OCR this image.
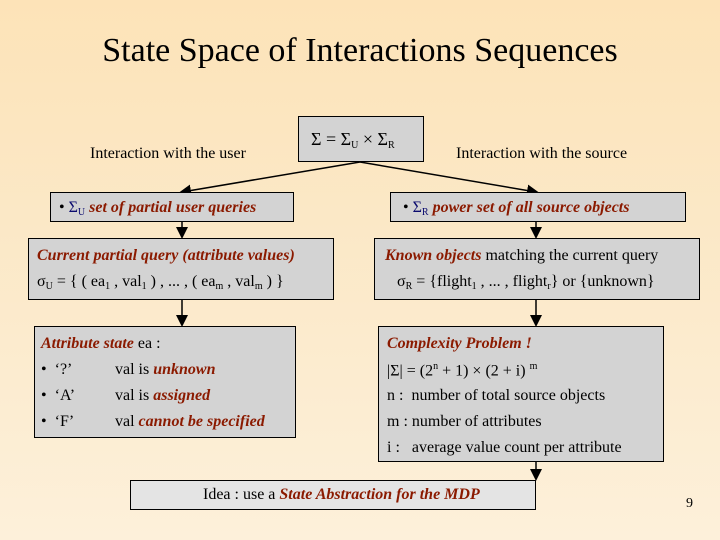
State Space of Interactions Sequences
$\Sigma = \Sigma_U \times \Sigma_R$
Interaction with the user	Interaction with the source
• $\Sigma_U$ set of partial user queries	• $\Sigma_R$ power set of all source objects
Current partial query (attribute values)
$\sigma_U$ = { ( $ea_1$ , val$_1$ ) , ... , ( $ea_m$ , val$_m$ ) }
Known objects matching the current query
$\sigma_R$ = {flight$_1$ , ... , flight$_r$} or {unknown}
Attribute state ea :
• ‘?’	val is unknown
• ‘A’ val is assigned
• ‘F’	val cannot be specified
Complexity Problem !
$|\Sigma| = (2^n + 1) \times (2 + i)$ $^m$
n : number of total source objects
m : number of attributes
i : average value count per attribute
Idea : use a State Abstraction for the MDP
9
